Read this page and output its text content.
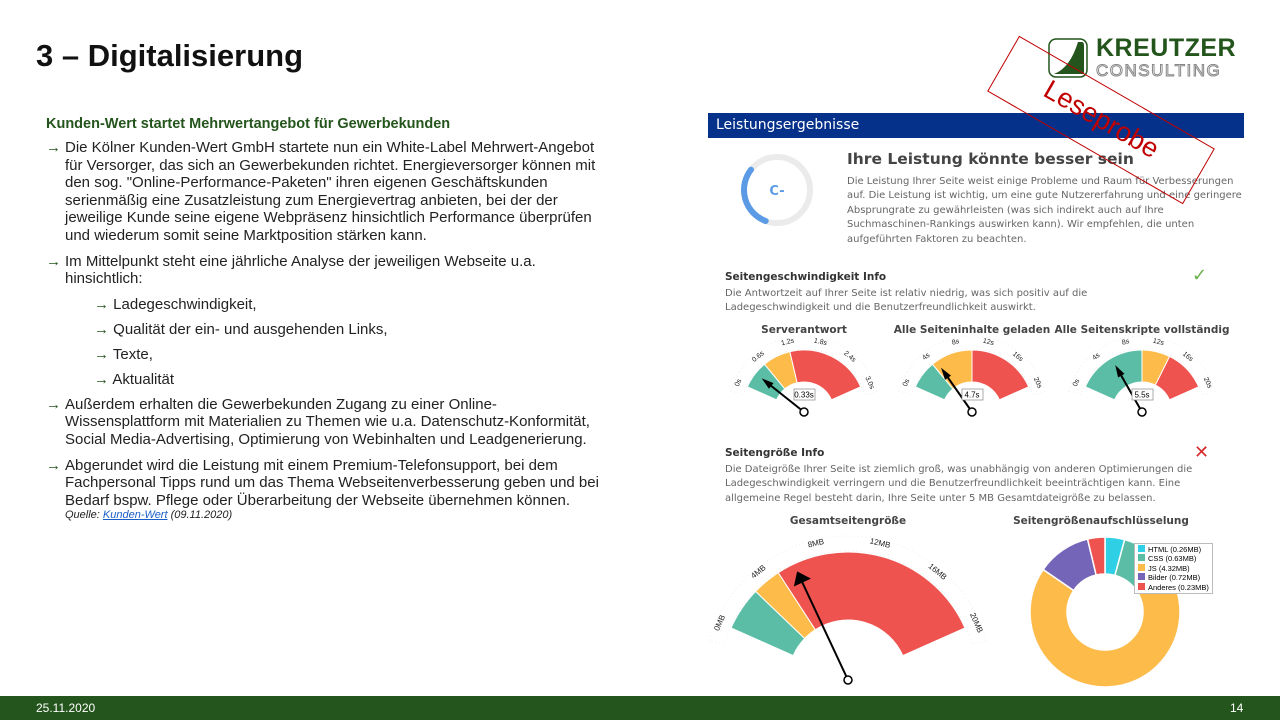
3 – Digitalisierung	KREUTZER
CONSULTING
Kunden-Wert startet Mehrwertangebot für Gewerbekunden
→ Die Kölner Kunden-Wert GmbH startete nun ein White-Label Mehrwert-Angebot für Versorger, das sich an Gewerbekunden richtet. Energieversorger können mit den sog. "Online-Performance-Paketen" ihren eigenen Geschäftskunden serienmäßig eine Zusatzleistung zum Energievertrag anbieten, bei der der jeweilige Kunde seine eigene Webpräsenz hinsichtlich Performance überprüfen und wiederum somit seine Marktposition stärken kann.
→ Im Mittelpunkt steht eine jährliche Analyse der jeweiligen Webseite u.a. hinsichtlich:
→ Ladegeschwindigkeit,
→ Qualität der ein- und ausgehenden Links,
→ Texte,
→ Aktualität
→ Außerdem erhalten die Gewerbekunden Zugang zu einer Online-Wissensplattform mit Materialien zu Themen wie u.a. Datenschutz-Konformität, Social Media-Advertising, Optimierung von Webinhalten und Leadgenerierung.
→ Abgerundet wird die Leistung mit einem Premium-Telefonsupport, bei dem Fachpersonal Tipps rund um das Thema Webseitenverbesserung geben und bei Bedarf bspw. Pflege oder Überarbeitung der Webseite übernehmen können.
Quelle: Kunden-Wert (09.11.2020)
Leistungsergebnisse
C-
Ihre Leistung könnte besser sein
Die Leistung Ihrer Seite weist einige Probleme und Raum für Verbesserungen auf. Die Leistung ist wichtig, um eine gute Nutzererfahrung und eine geringere Absprungrate zu gewährleisten (was sich indirekt auch auf Ihre Suchmaschinen-Rankings auswirken kann). Wir empfehlen, die unten aufgeführten Faktoren zu beachten.
Seitengeschwindigkeit Info	✓
Die Antwortzeit auf Ihrer Seite ist relativ niedrig, was sich positiv auf die Ladegeschwindigkeit und die Benutzerfreundlichkeit auswirkt.
Serverantwort	Alle Seiteninhalte geladen Alle Seitenskripte vollständig
Seitengröße Info	✕
Die Dateigröße Ihrer Seite ist ziemlich groß, was unabhängig von anderen Optimierungen die Ladegeschwindigkeit verringern und die Benutzerfreundlichkeit beeinträchtigen kann. Eine allgemeine Regel besteht darin, Ihre Seite unter 5 MB Gesamtdateigröße zu belassen.
Gesamtseitengröße	Seitengrößenaufschlüsselung
0s
0.6s
1.2s	1.8s
2.4s
3.0s
0.33s
0s
4s
8s	12s
16s
20s
4.7s
0s
4s
8s	12s
16s
20s
5.5s
0MB
4MB
8MB	12MB
16MB
20MB
HTML (0.26MB)
CSS (0.63MB)
JS (4.32MB)
Bilder (0.72MB)
Anderes (0.23MB)
Leseprobe
25.11.2020	14
